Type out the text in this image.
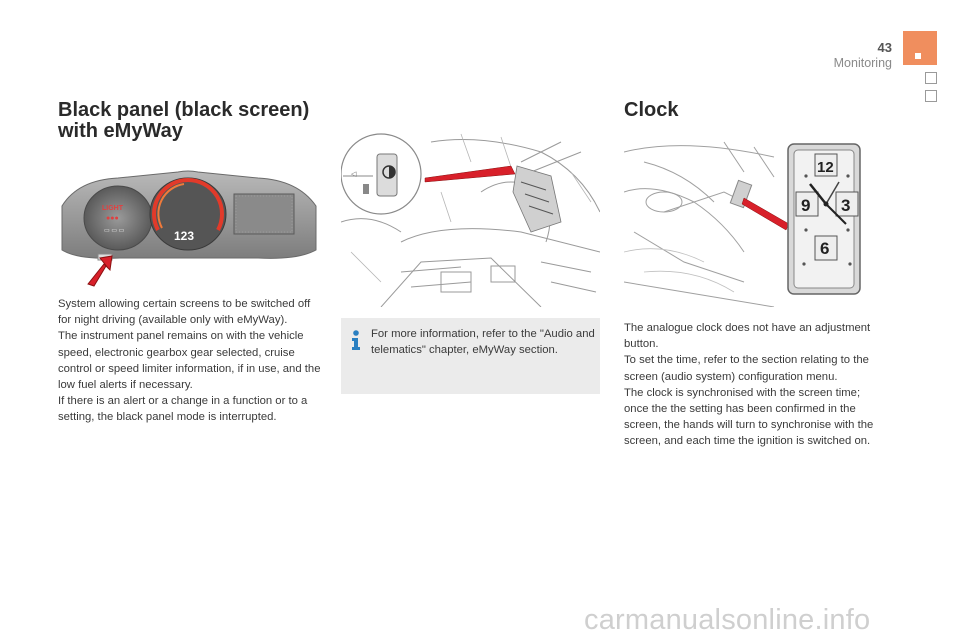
43
Monitoring
Black panel (black screen)
with eMyWay
LIGHT
●●●
▭ ▭ ▭	123
System allowing certain screens to be switched off for night driving (available only with eMyWay).
The instrument panel remains on with the vehicle speed, electronic gearbox gear selected, cruise control or speed limiter information, if in use, and the low fuel alerts if necessary.
If there is an alert or a change in a function or to a setting, the black panel mode is interrupted.
◁
For more information, refer to the "Audio and telematics" chapter, eMyWay section.
Clock
12
9 3
6
The analogue clock does not have an adjustment button.
To set the time, refer to the section relating to the screen (audio system) configuration menu.
The clock is synchronised with the screen time; once the the setting has been confirmed in the screen, the hands will turn to synchronise with the screen, and each time the ignition is switched on.
carmanualsonline.info
